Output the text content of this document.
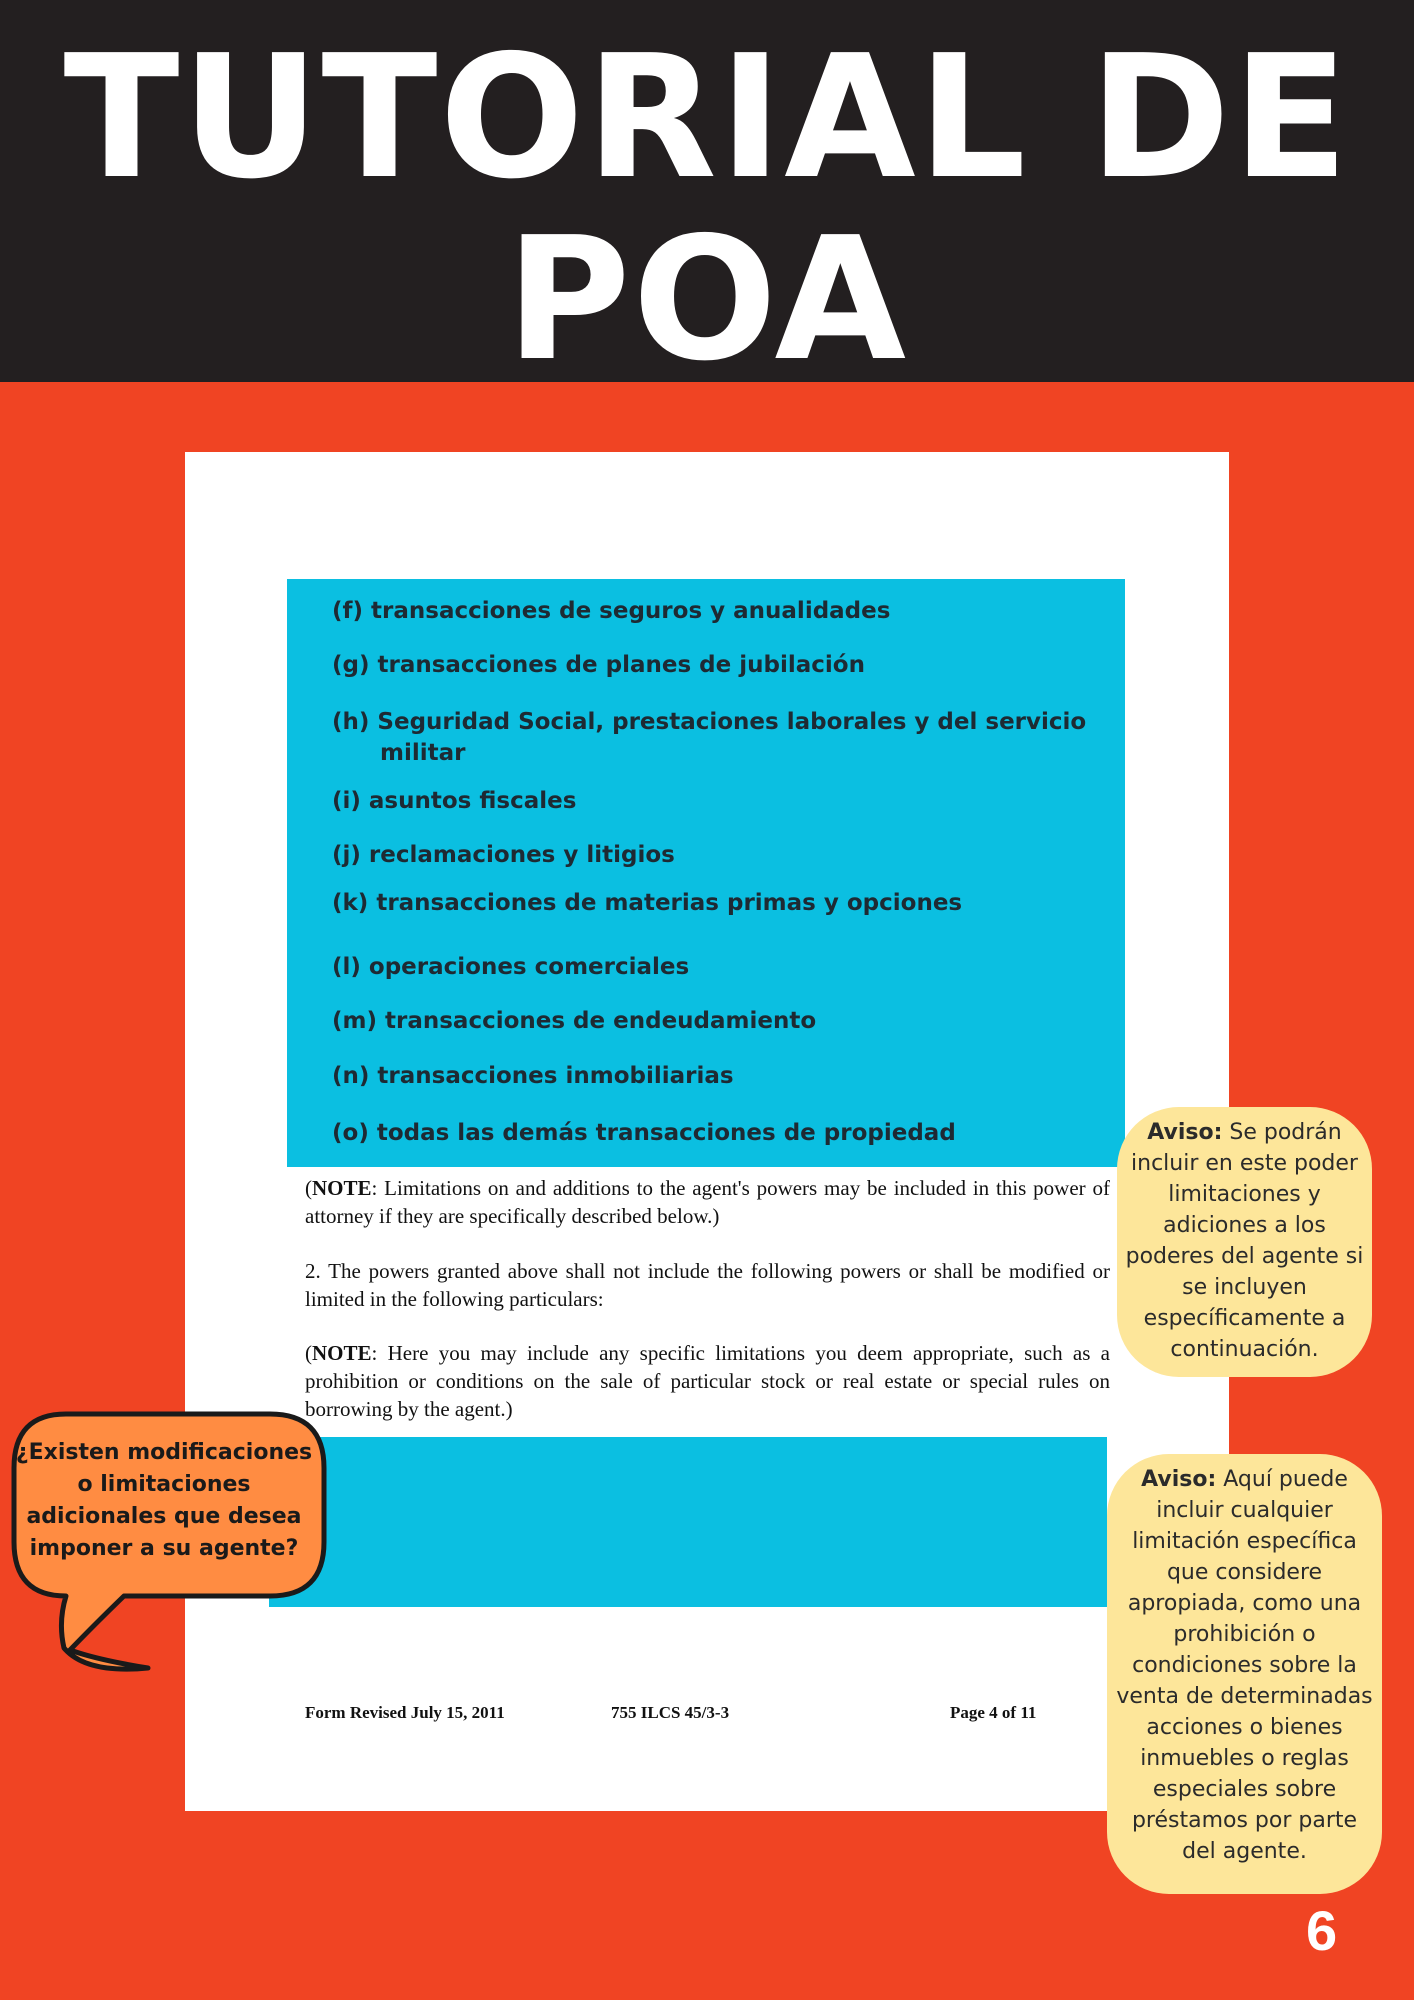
TUTORIAL DE
POA
(f) transacciones de seguros y anualidades
(g) transacciones de planes de jubilación
(h) Seguridad Social, prestaciones laborales y del servicio militar
(i) asuntos fiscales
(j) reclamaciones y litigios
(k) transacciones de materias primas y opciones
(l) operaciones comerciales
(m) transacciones de endeudamiento
(n) transacciones inmobiliarias
(o) todas las demás transacciones de propiedad
(NOTE: Limitations on and additions to the agent's powers may be included in this power of attorney if they are specifically described below.)
2. The powers granted above shall not include the following powers or shall be modified or limited in the following particulars:
(NOTE: Here you may include any specific limitations you deem appropriate, such as a prohibition or conditions on the sale of particular stock or real estate or special rules on borrowing by the agent.)
Form Revised July 15, 2011	755 ILCS 45/3-3	Page 4 of 11
Aviso: Se podrán incluir en este poder limitaciones y adiciones a los poderes del agente si se incluyen específicamente a continuación.
Aviso: Aquí puede incluir cualquier limitación específica que considere apropiada, como una prohibición o condiciones sobre la venta de determinadas acciones o bienes inmuebles o reglas especiales sobre préstamos por parte del agente.
¿Existen modificaciones o limitaciones adicionales que desea imponer a su agente?
6
